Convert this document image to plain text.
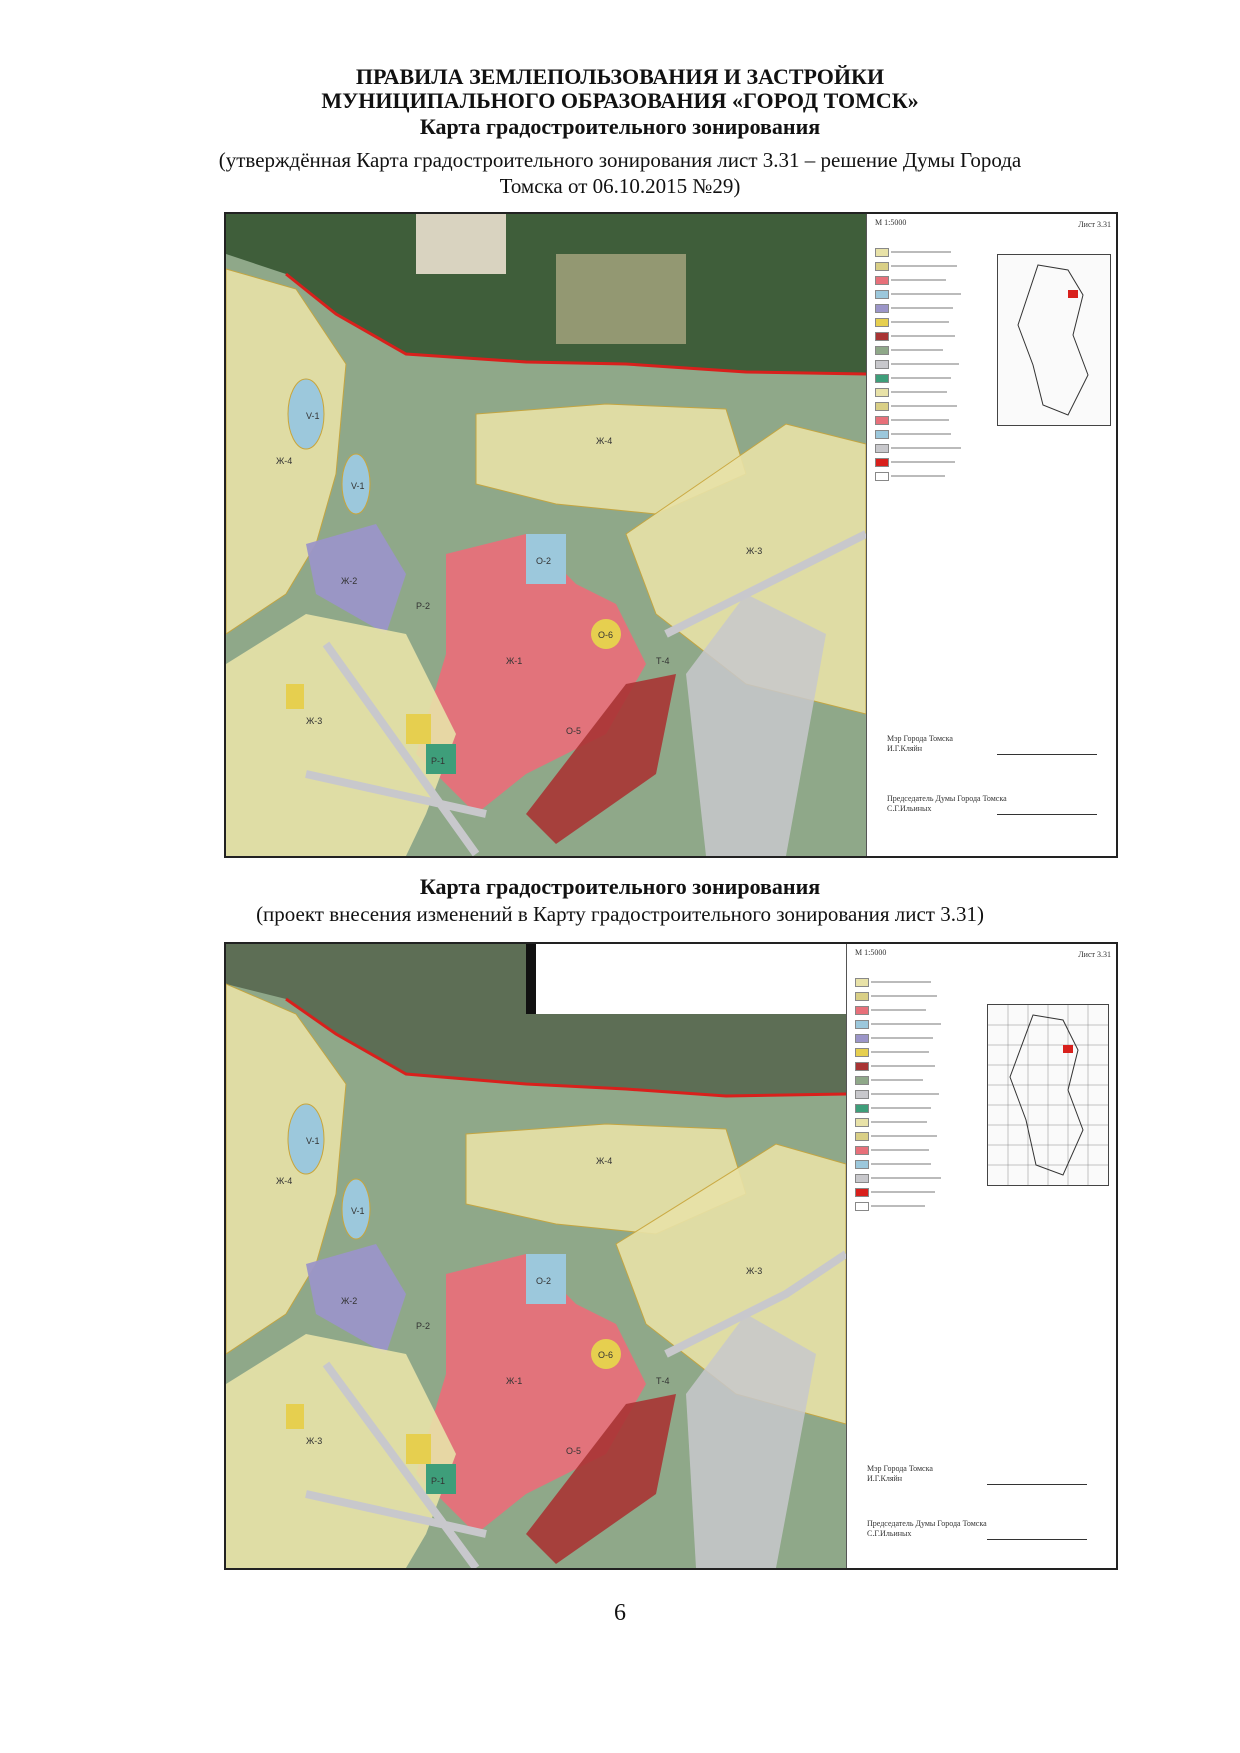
ПРАВИЛА ЗЕМЛЕПОЛЬЗОВАНИЯ И ЗАСТРОЙКИ
МУНИЦИПАЛЬНОГО ОБРАЗОВАНИЯ «ГОРОД ТОМСК»
Карта градостроительного зонирования
(утверждённая Карта градостроительного зонирования лист 3.31 – решение Думы Города
Томска от 06.10.2015 №29)
V-1
V-1
Ж-4
Ж-4
Ж-3
Ж-3
Ж-2
Р-2
О-2
Ж-1
О-6
Т-4
Р-1
О-5
М 1:5000	Лист 3.31
Мэр Города Томска
И.Г.Кляйн
Председатель Думы Города Томска
С.Г.Ильиных
Карта градостроительного зонирования
(проект внесения изменений в Карту градостроительного зонирования лист 3.31)
V-1
V-1
Ж-4
Ж-4
Ж-3
Ж-3
Ж-2
Р-2
О-2
Ж-1
О-6
Т-4
Р-1
О-5
М 1:5000	Лист 3.31
Мэр Города Томска
И.Г.Кляйн
Председатель Думы Города Томска
С.Г.Ильиных
6
